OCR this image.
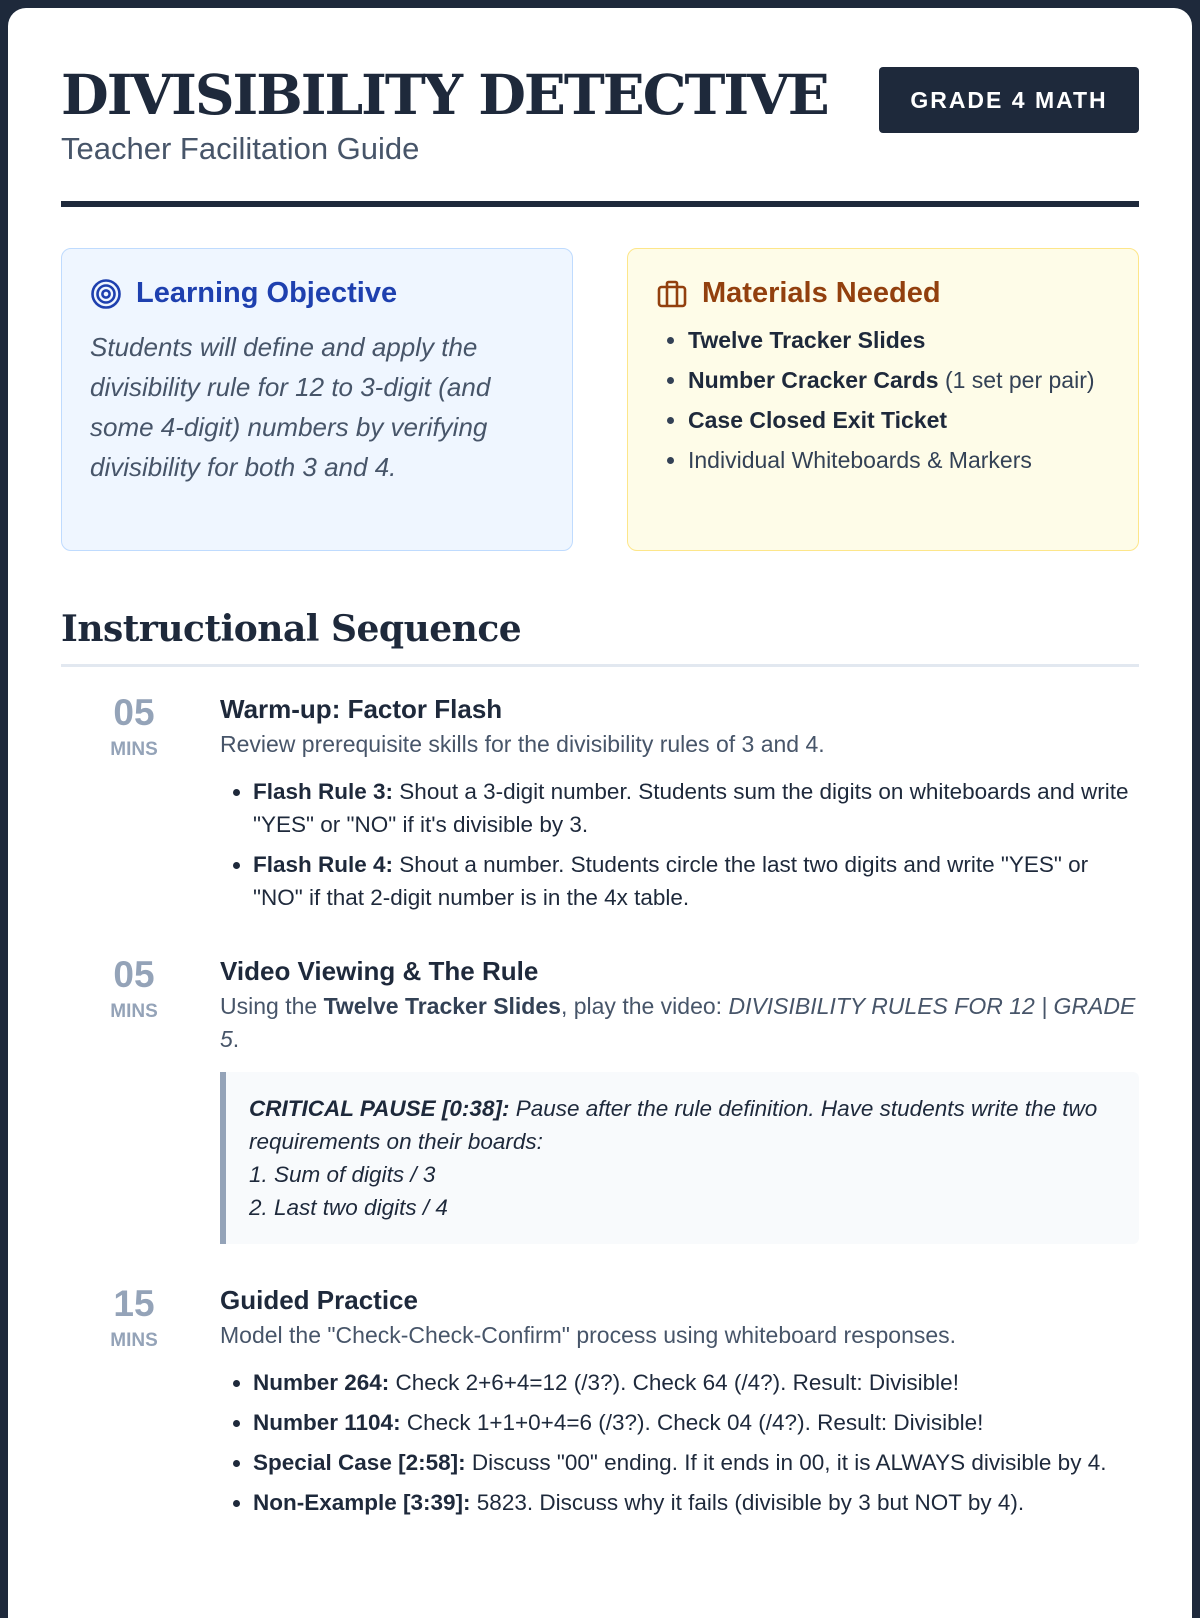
DIVISIBILITY DETECTIVE
Teacher Facilitation Guide
GRADE 4 MATH
Learning Objective
Students will define and apply the divisibility rule for 12 to 3-digit (and some 4-digit) numbers by verifying divisibility for both 3 and 4.
Materials Needed
• Twelve Tracker Slides
• Number Cracker Cards (1 set per pair)
• Case Closed Exit Ticket
• Individual Whiteboards & Markers
Instructional Sequence
05
MINS
Warm-up: Factor Flash
Review prerequisite skills for the divisibility rules of 3 and 4.
• Flash Rule 3: Shout a 3-digit number. Students sum the digits on whiteboards and write "YES" or "NO" if it's divisible by 3.
• Flash Rule 4: Shout a number. Students circle the last two digits and write "YES" or "NO" if that 2-digit number is in the 4x table.
05
MINS
Video Viewing & The Rule
Using the Twelve Tracker Slides, play the video: DIVISIBILITY RULES FOR 12 | GRADE 5.
CRITICAL PAUSE [0:38]: Pause after the rule definition. Have students write the two requirements on their boards:
1. Sum of digits / 3
2. Last two digits / 4
15
MINS
Guided Practice
Model the "Check-Check-Confirm" process using whiteboard responses.
• Number 264: Check 2+6+4=12 (/3?). Check 64 (/4?). Result: Divisible!
• Number 1104: Check 1+1+0+4=6 (/3?). Check 04 (/4?). Result: Divisible!
• Special Case [2:58]: Discuss "00" ending. If it ends in 00, it is ALWAYS divisible by 4.
• Non-Example [3:39]: 5823. Discuss why it fails (divisible by 3 but NOT by 4).
